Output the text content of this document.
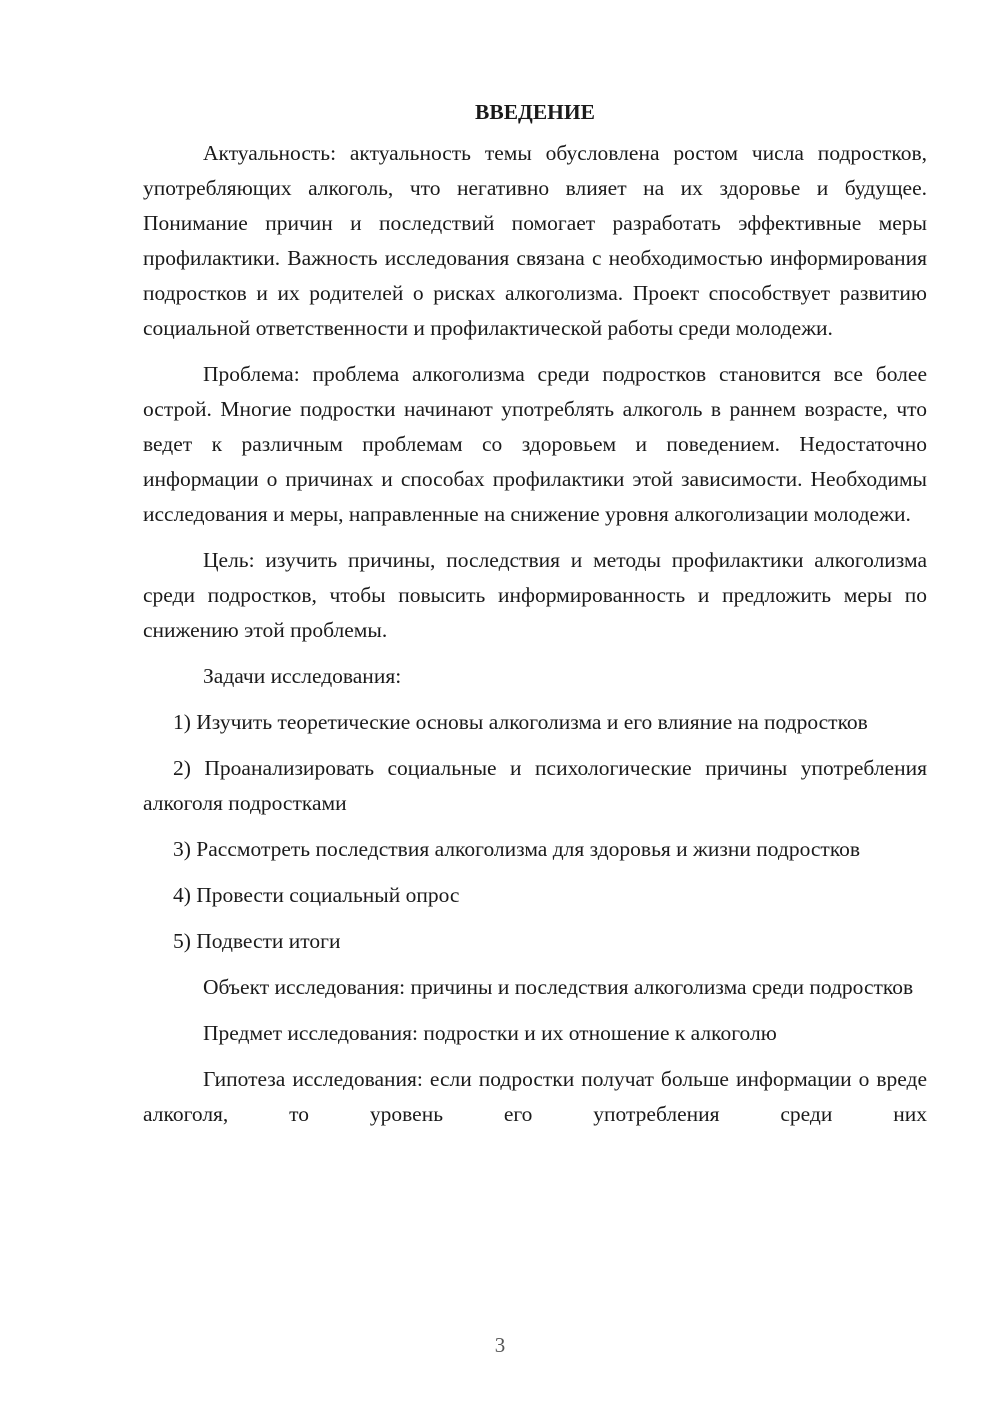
ВВЕДЕНИЕ

Актуальность: актуальность темы обусловлена ростом числа подростков, употребляющих алкоголь, что негативно влияет на их здоровье и будущее. Понимание причин и последствий помогает разработать эффективные меры профилактики. Важность исследования связана с необходимостью информирования подростков и их родителей о рисках алкоголизма. Проект способствует развитию социальной ответственности и профилактической работы среди молодежи.

Проблема: проблема алкоголизма среди подростков становится все более острой. Многие подростки начинают употреблять алкоголь в раннем возрасте, что ведет к различным проблемам со здоровьем и поведением. Недостаточно информации о причинах и способах профилактики этой зависимости. Необходимы исследования и меры, направленные на снижение уровня алкоголизации молодежи.

Цель: изучить причины, последствия и методы профилактики алкоголизма среди подростков, чтобы повысить информированность и предложить меры по снижению этой проблемы.

Задачи исследования:

1) Изучить теоретические основы алкоголизма и его влияние на подростков

2) Проанализировать социальные и психологические причины употребления алкоголя подростками

3) Рассмотреть последствия алкоголизма для здоровья и жизни подростков

4) Провести социальный опрос

5) Подвести итоги

Объект исследования: причины и последствия алкоголизма среди подростков

Предмет исследования: подростки и их отношение к алкоголю

Гипотеза исследования: если подростки получат больше информации о вреде алкоголя, то уровень его употребления среди них

3
